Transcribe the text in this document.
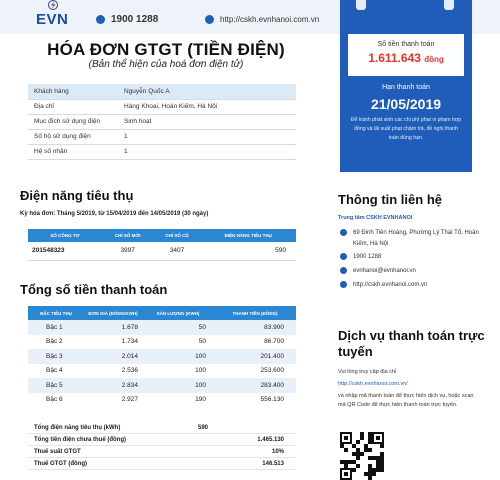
EVN	1900 1288	http://cskh.evnhanoi.com.vn
HÓA ĐƠN GTGT (TIỀN ĐIỆN)
(Bản thể hiện của hoá đơn điện tử)
Khách hàng	Nguyễn Quốc A
Địa chỉ	Hàng Khoai, Hoàn Kiếm, Hà Nội
Mục đích sử dụng điện	Sinh hoạt
Số hộ sử dụng điện	1
Hệ số nhân	1
Điện năng tiêu thụ
Kỳ hóa đơn: Tháng 5/2019, từ 15/04/2019 đến 14/05/2019 (30 ngày)
SỐ CÔNG TƠ	CHỈ SỐ MỚI	CHỈ SỐ CŨ	ĐIỆN NĂNG TIÊU THỤ
201548323	3997	3407	590
Tổng số tiền thanh toán
BẬC TIÊU THỤ	ĐƠN GIÁ (ĐỒNG/KWH)	SẢN LƯỢNG (KWH)	THÀNH TIỀN (ĐỒNG)
Bậc 1	1.678	50	83.900
Bậc 2	1.734	50	86.700
Bậc 3	2.014	100	201.400
Bậc 4	2.536	100	253.600
Bậc 5	2.834	100	283.400
Bậc 6	2.927	190	556.130
Tổng điện năng tiêu thụ (kWh)	590
Tổng tiền điện chưa thuế (đồng)	1.465.130
Thuế suất GTGT	10%
Thuế GTGT (đồng)	146.513
Số tiền thanh toán
1.611.643 đồng
Hạn thanh toán
21/05/2019
Để tránh phát sinh các chi phí phạt vi phạm hợp đồng và lãi suất phạt chậm trả, đề nghị thanh toán đúng hạn.
Thông tin liên hệ
Trung tâm CSKH EVNHANOI
69 Đinh Tiên Hoàng, Phường Lý Thái Tổ, Hoàn Kiếm, Hà Nội
1900 1288
evnhanoi@evnhanoi.vn
http://cskh.evnhanoi.com.vn
Dịch vụ thanh toán trực tuyến
Vui lòng truy cập địa chỉ
http://cskh.evnhanoi.com.vn/
và nhập mã thanh toán để thực hiện dịch vụ, hoặc scan mã QR Code để thực hiện thanh toán trực tuyến.
